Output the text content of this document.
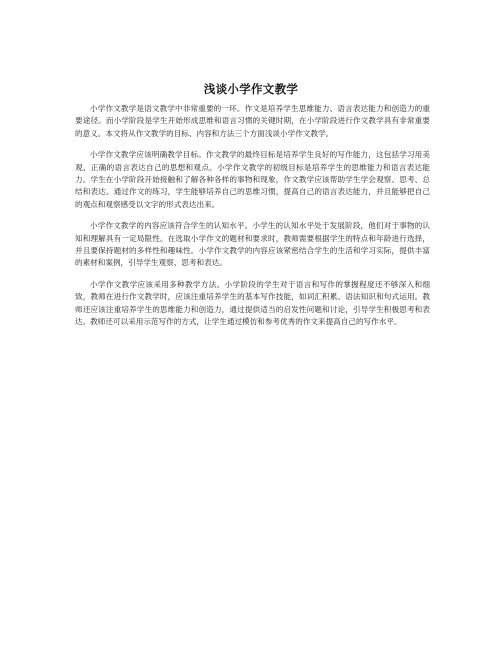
浅谈小学作文教学

小学作文教学是语文教学中非常重要的一环。作文是培养学生思维能力、语言表达能力和创造力的重要途径。而小学阶段是学生开始形成思维和语言习惯的关键时期，在小学阶段进行作文教学具有非常重要的意义。本文将从作文教学的目标、内容和方法三个方面浅谈小学作文教学。

小学作文教学应该明确教学目标。作文教学的最终目标是培养学生良好的写作能力，这包括学习用美观、正确的语言表达自己的思想和观点。小学作文教学的初级目标是培养学生的思维能力和语言表达能力。学生在小学阶段开始接触和了解各种各样的事物和现象，作文教学应该帮助学生学会观察、思考、总结和表达。通过作文的练习，学生能够培养自己的思维习惯，提高自己的语言表达能力，并且能够把自己的观点和观察感受以文字的形式表达出来。

小学作文教学的内容应该符合学生的认知水平。小学生的认知水平处于发展阶段，他们对于事物的认知和理解具有一定局限性。在选取小学作文的题材和要求时，教师需要根据学生的特点和年龄进行选择，并且要保持题材的多样性和趣味性。小学作文教学的内容应该紧密结合学生的生活和学习实际，提供丰富的素材和案例，引导学生观察、思考和表达。

小学作文教学应该采用多种教学方法。小学阶段的学生对于语言和写作的掌握程度还不够深入和细致，教师在进行作文教学时，应该注重培养学生的基本写作技能，如词汇积累、语法知识和句式运用。教师还应该注重培养学生的思维能力和创造力，通过提供适当的启发性问题和讨论，引导学生积极思考和表达。教师还可以采用示范写作的方式，让学生通过模仿和参考优秀的作文来提高自己的写作水平。
